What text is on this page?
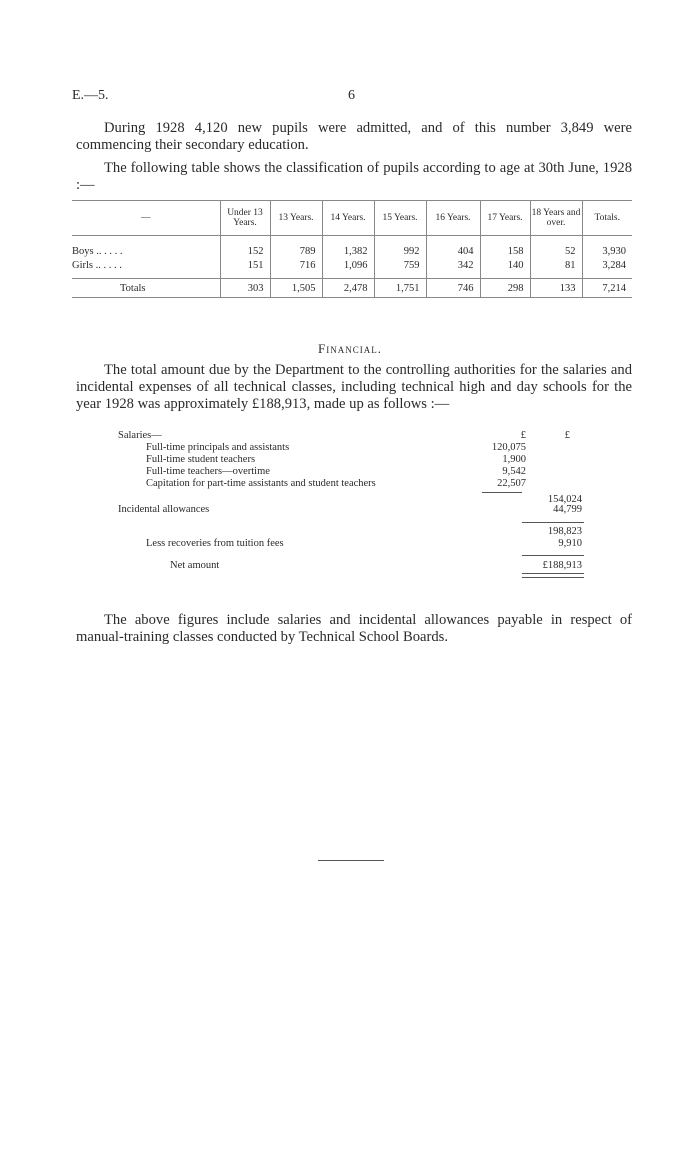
E.—5.	6

During 1928 4,120 new pupils were admitted, and of this number 3,849 were commencing their secondary education.

The following table shows the classification of pupils according to age at 30th June, 1928 :—

—	Under 13 Years.	13 Years.	14 Years.	15 Years.	16 Years.	17 Years.	18 Years and over.	Totals.

Boys .. . . . .	152	789	1,382	992	404	158	52	3,930
Girls .. . . . .	151	716	1,096	759	342	140	81	3,284

Totals	303	1,505	2,478	1,751	746	298	133	7,214
Financial.

The total amount due by the Department to the controlling authorities for the salaries and incidental expenses of all technical classes, including technical high and day schools for the year 1928 was approximately £188,913, made up as follows :—

Salaries—	£	£
Full-time principals and assistants	120,075
Full-time student teachers	1,900
Full-time teachers—overtime	9,542
Capitation for part-time assistants and student teachers	22,507
154,024
Incidental allowances	44,799
198,823
Less recoveries from tuition fees	9,910
Net amount	£188,913

The above figures include salaries and incidental allowances payable in respect of manual-training classes conducted by Technical School Boards.
